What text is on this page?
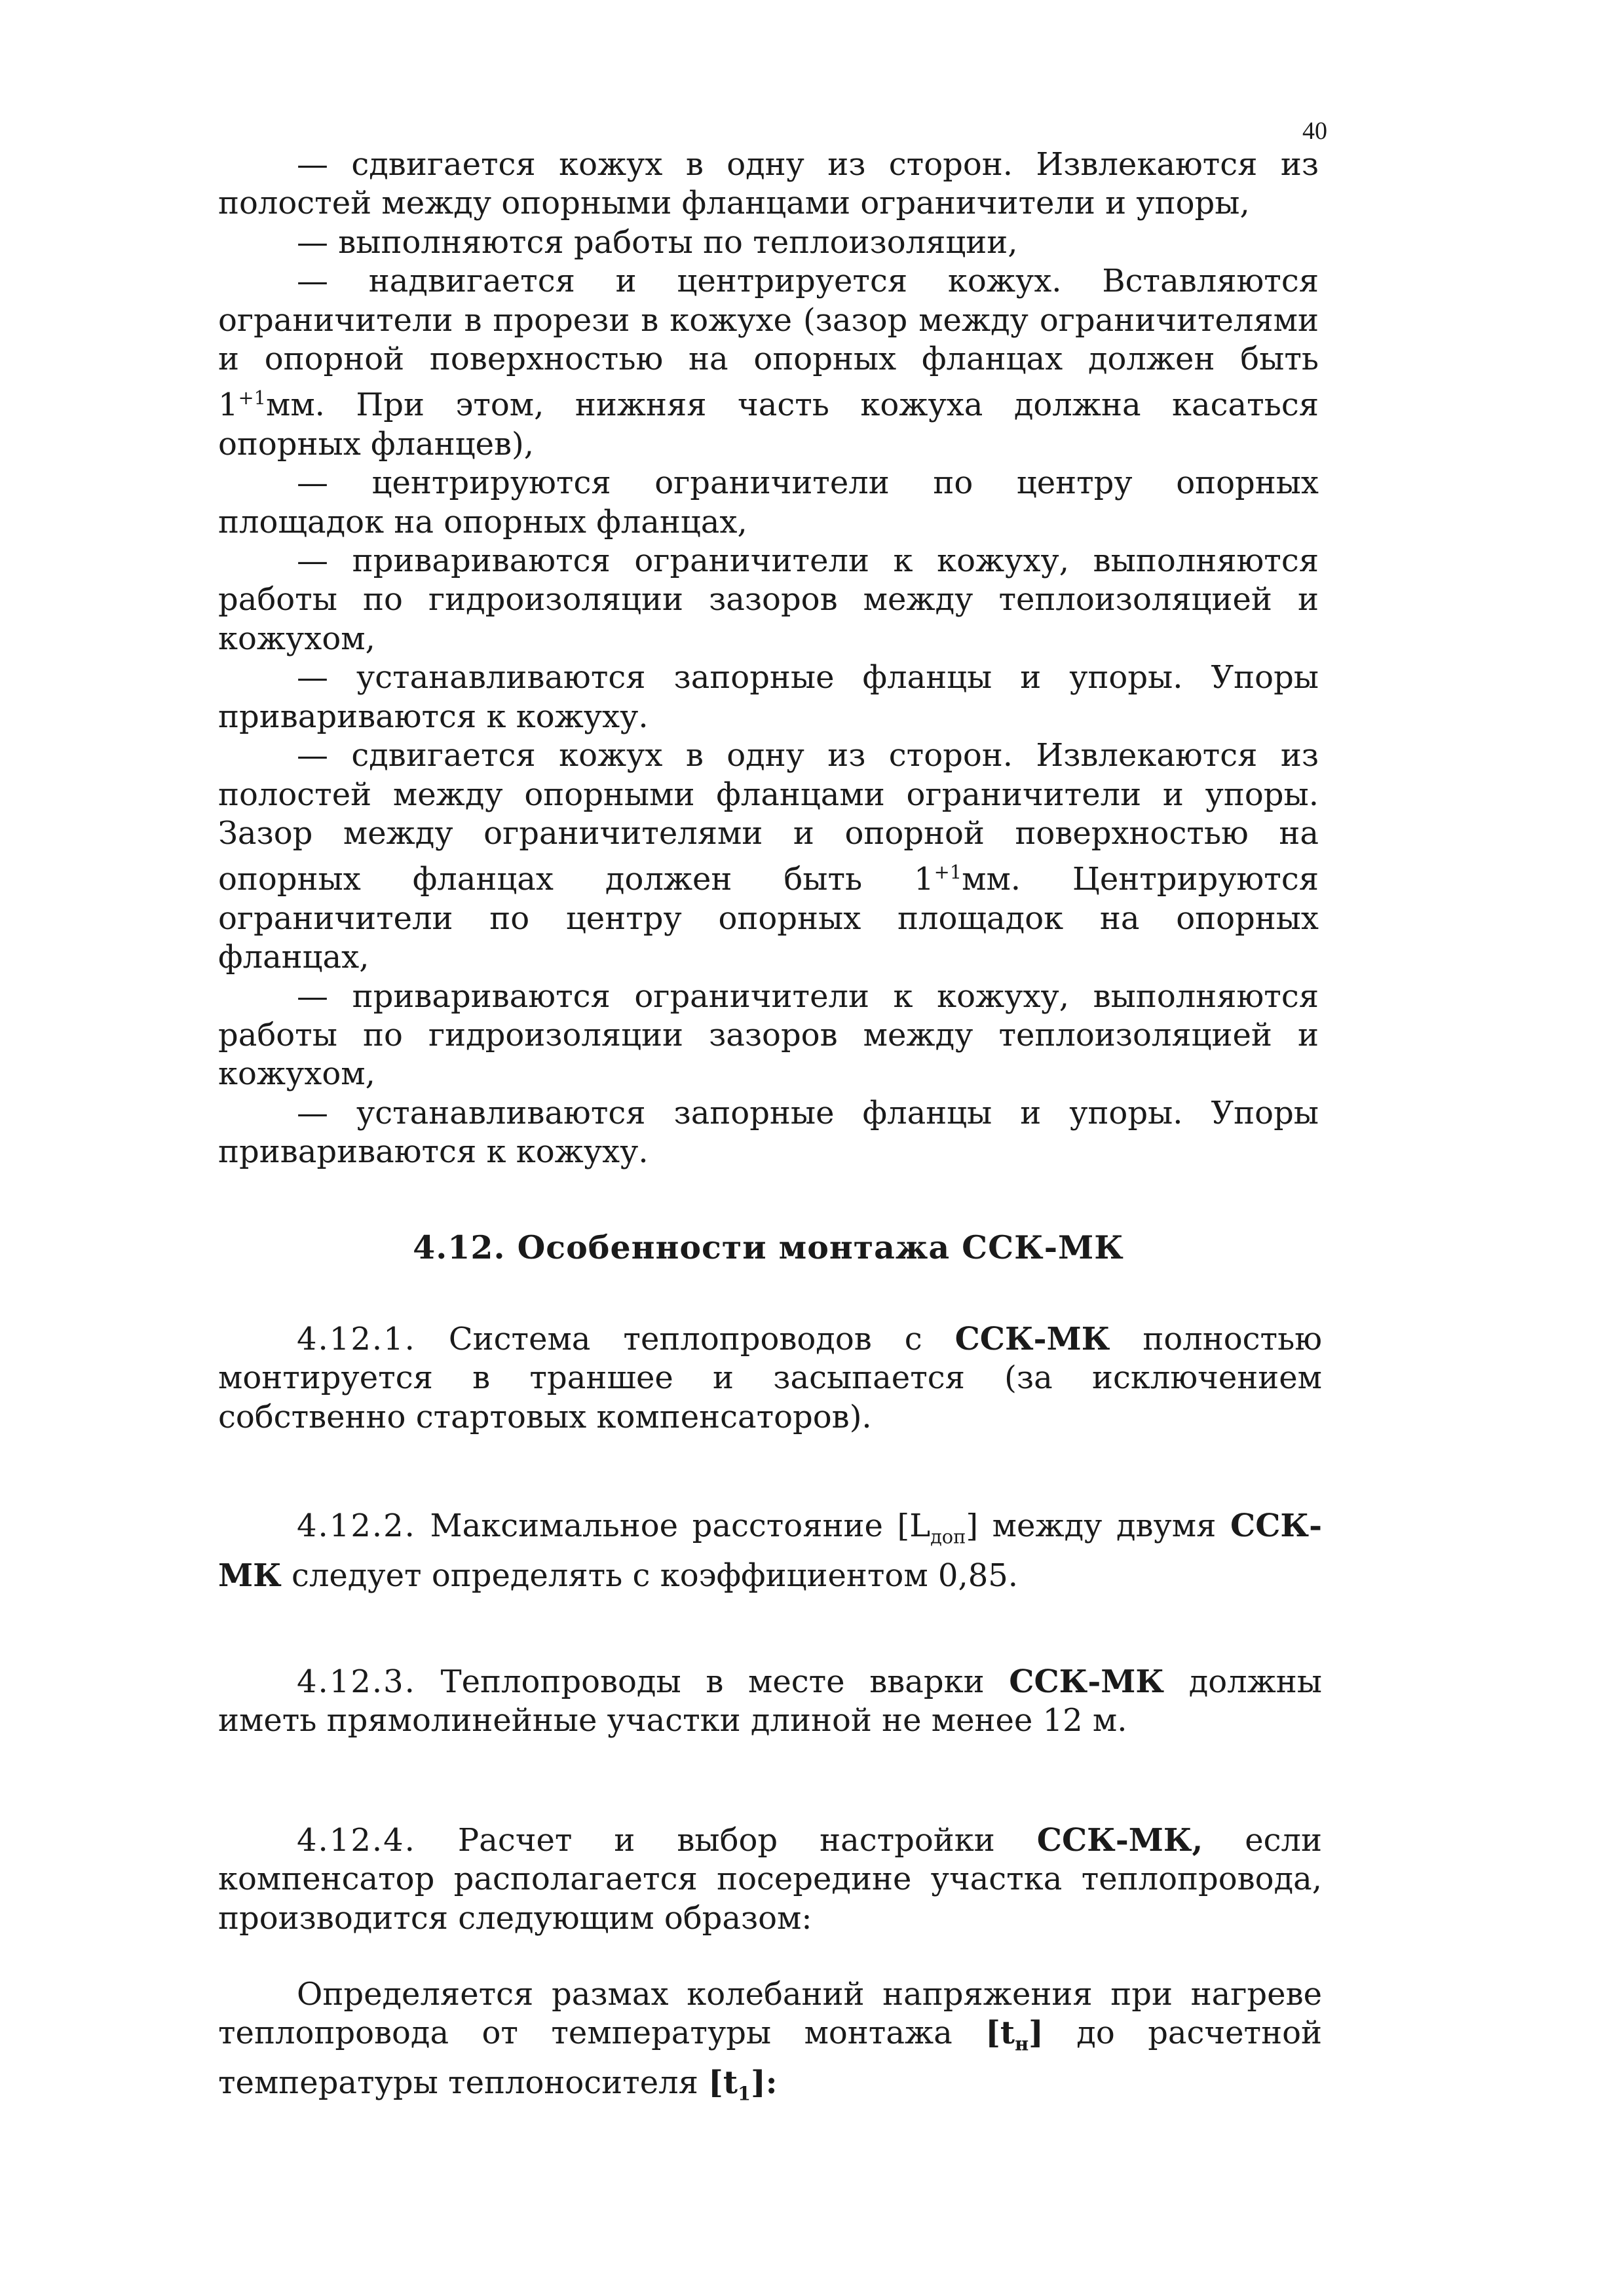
40

— сдвигается кожух в одну из сторон. Извлекаются из полостей между опорными фланцами ограничители и упоры,

— выполняются работы по теплоизоляции,

— надвигается и центрируется кожух. Вставляются ограничители в прорези в кожухе (зазор между ограничителями и опорной поверхностью на опорных фланцах должен быть $1^{+1}мм$. При этом, нижняя часть кожуха должна касаться опорных фланцев),

— центрируются ограничители по центру опорных площадок на опорных фланцах,

— привариваются ограничители к кожуху, выполняются работы по гидроизоляции зазоров между теплоизоляцией и кожухом,

— устанавливаются запорные фланцы и упоры. Упоры привариваются к кожуху.

— сдвигается кожух в одну из сторон. Извлекаются из полостей между опорными фланцами ограничители и упоры. Зазор между ограничителями и опорной поверхностью на опорных фланцах должен быть $1^{+1}мм$. Центрируются ограничители по центру опорных площадок на опорных фланцах,

— привариваются ограничители к кожуху, выполняются работы по гидроизоляции зазоров между теплоизоляцией и кожухом,

— устанавливаются запорные фланцы и упоры. Упоры привариваются к кожуху.

4.12. Особенности монтажа ССК-МК

4.12.1. Система теплопроводов с ССК-МК полностью монтируется в траншее и засыпается (за исключением собственно стартовых компенсаторов).

4.12.2. Максимальное расстояние $[L_{доп}]$ между двумя ССК-МК следует определять с коэффициентом 0,85.

4.12.3. Теплопроводы в месте вварки ССК-МК должны иметь прямолинейные участки длиной не менее 12 м.

4.12.4. Расчет и выбор настройки ССК-МК, если компенсатор располагается посередине участка теплопровода, производится следующим образом:

Определяется размах колебаний напряжения при нагреве теплопровода от температуры монтажа $[t_н]$ до расчетной температуры теплоносителя $[t_1]$:
